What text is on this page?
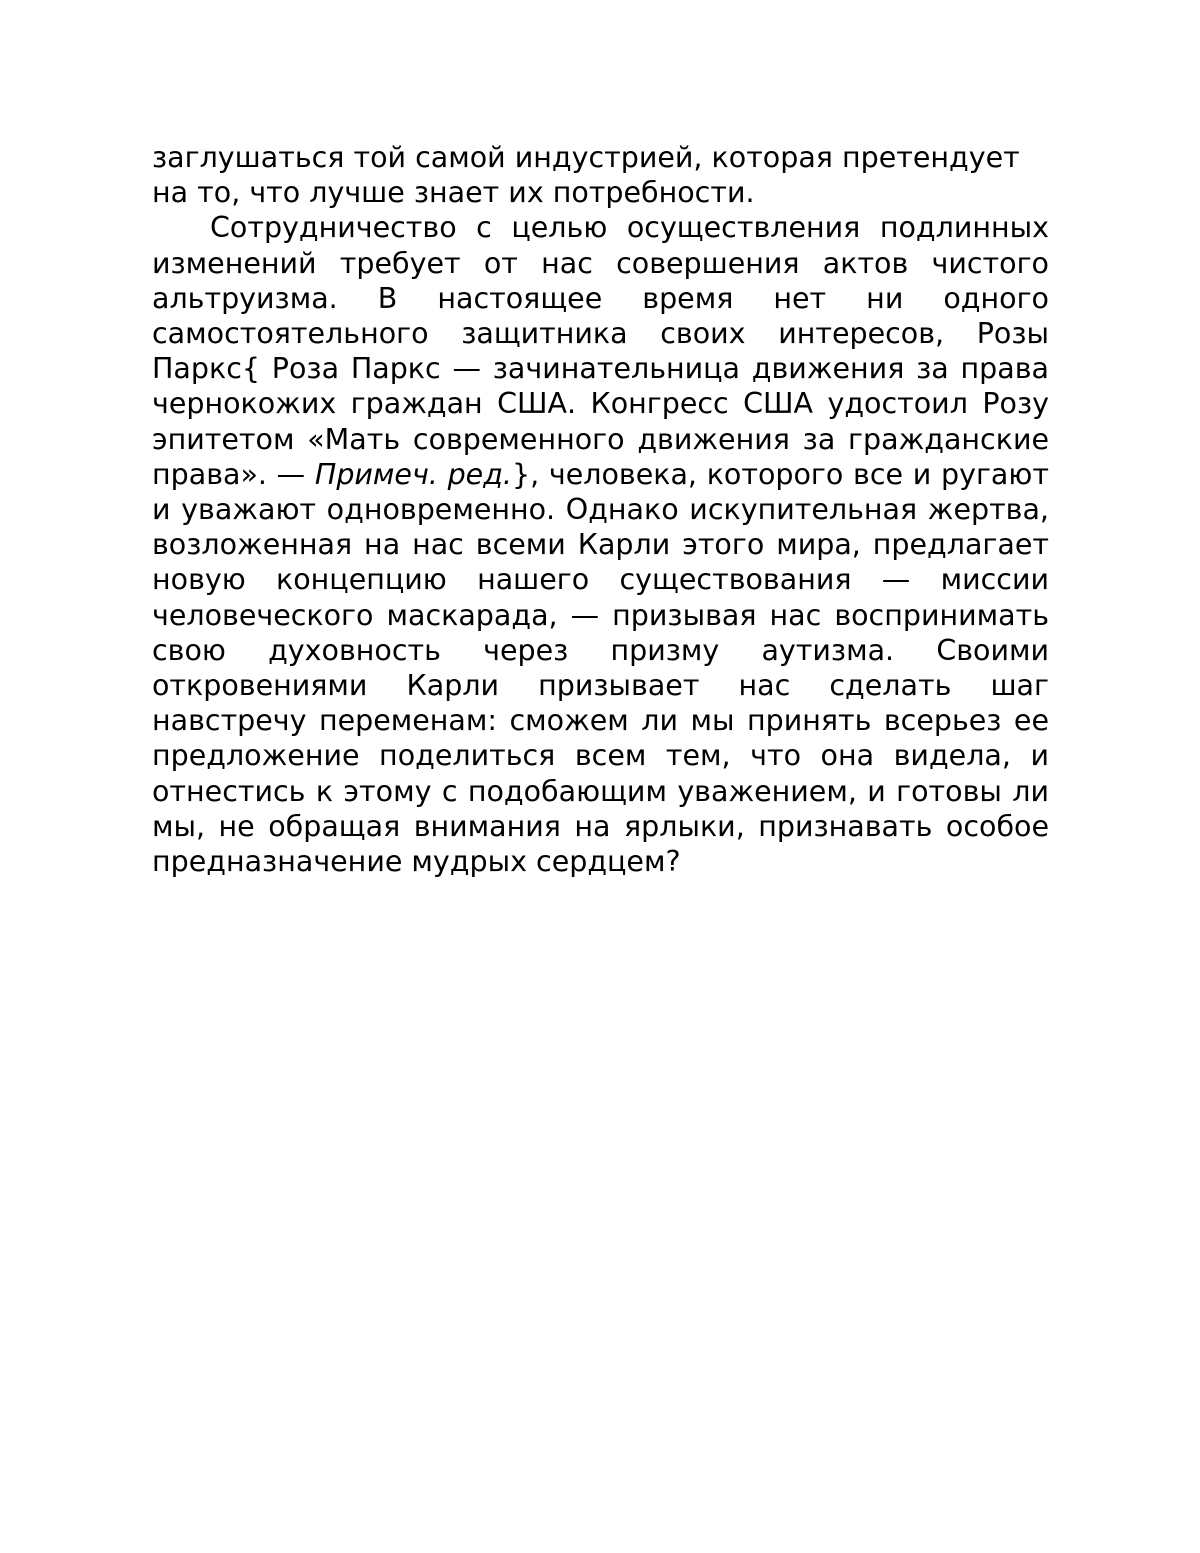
заглушаться той самой индустрией, которая претендует на то, что лучше знает их потребности.

Сотрудничество с целью осуществления подлинных изменений требует от нас совершения актов чистого альтруизма. В настоящее время нет ни одного самостоятельного защитника своих интересов, Розы Паркс{ Роза Паркс — зачинательница движения за права чернокожих граждан США. Конгресс США удостоил Розу эпитетом «Мать современного движения за гражданские права». — Примеч. ред.}, человека, которого все и ругают и уважают одновременно. Однако искупительная жертва, возложенная на нас всеми Карли этого мира, предлагает новую концепцию нашего существования — миссии человеческого маскарада, — призывая нас воспринимать свою духовность через призму аутизма. Своими откровениями Карли призывает нас сделать шаг навстречу переменам: сможем ли мы принять всерьез ее предложение поделиться всем тем, что она видела, и отнестись к этому с подобающим уважением, и готовы ли мы, не обращая внимания на ярлыки, признавать особое предназначение мудрых сердцем?
